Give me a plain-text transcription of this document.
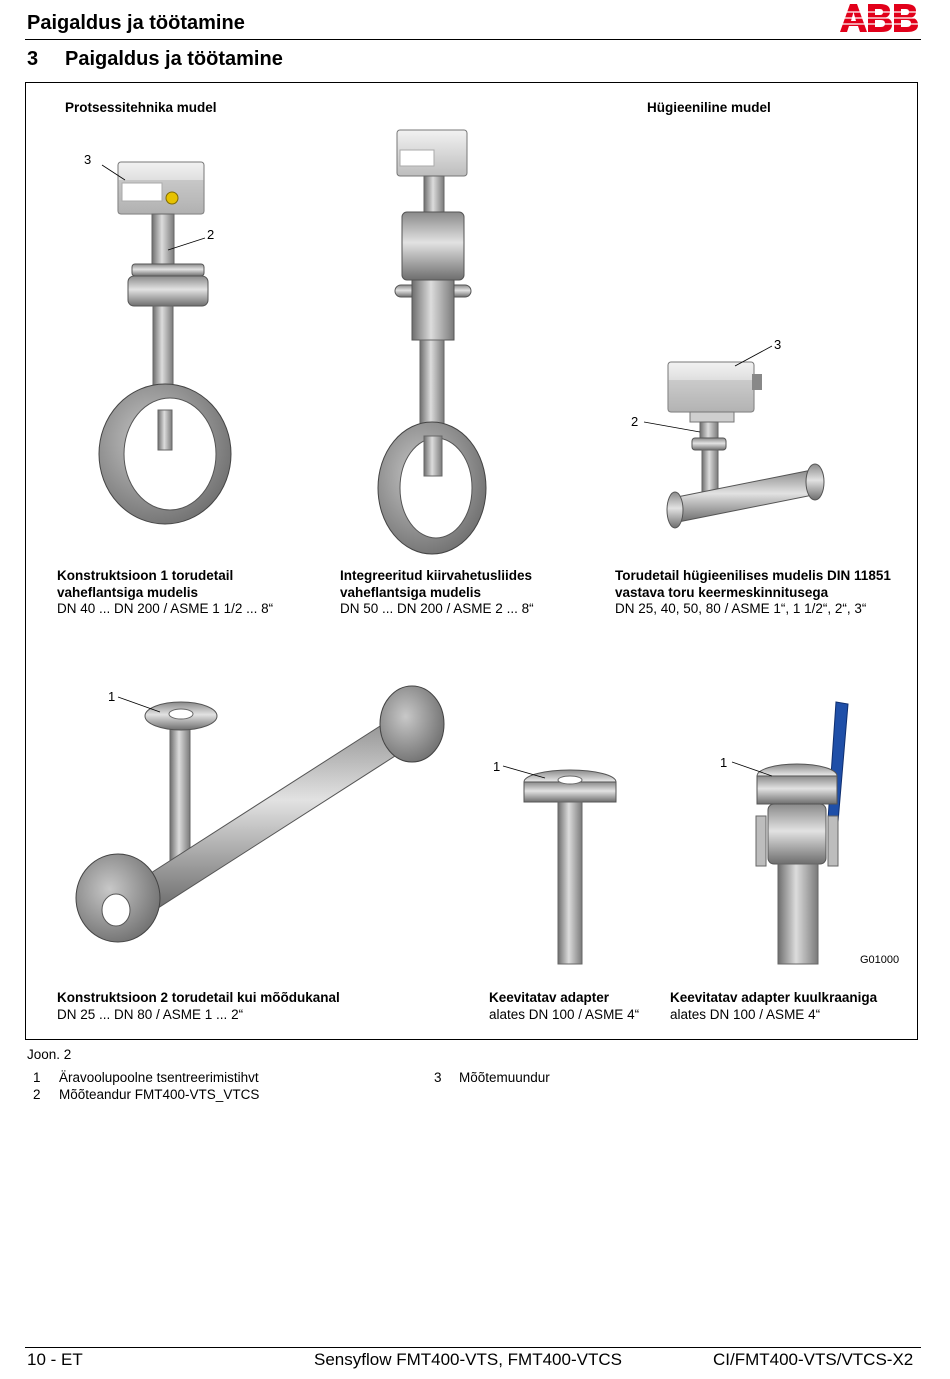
Paigaldus ja töötamine
3 Paigaldus ja töötamine
Protsessitehnika mudel	Hügieeniline mudel
3
2
3
2
1
1	1
Konstruktsioon 1 torudetail
vaheflantsiga mudelis
DN 40 ... DN 200 / ASME 1 1/2 ... 8“
Integreeritud kiirvahetusliides
vaheflantsiga mudelis
DN 50 ... DN 200 / ASME 2 ... 8“
Torudetail hügieenilises mudelis DIN 11851
vastava toru keermeskinnitusega
DN 25, 40, 50, 80 / ASME 1“, 1 1/2“, 2“, 3“
Konstruktsioon 2 torudetail kui mõõdukanal
DN 25 ... DN 80 / ASME 1 ... 2“
Keevitatav adapter
alates DN 100 / ASME 4“
Keevitatav adapter kuulkraaniga
alates DN 100 / ASME 4“
G01000
Joon. 2
1 Äravoolupoolne tsentreerimistihvt
2 Mõõteandur FMT400-VTS_VTCS
3 Mõõtemuundur
10 - ET	Sensyflow FMT400-VTS, FMT400-VTCS	CI/FMT400-VTS/VTCS-X2
